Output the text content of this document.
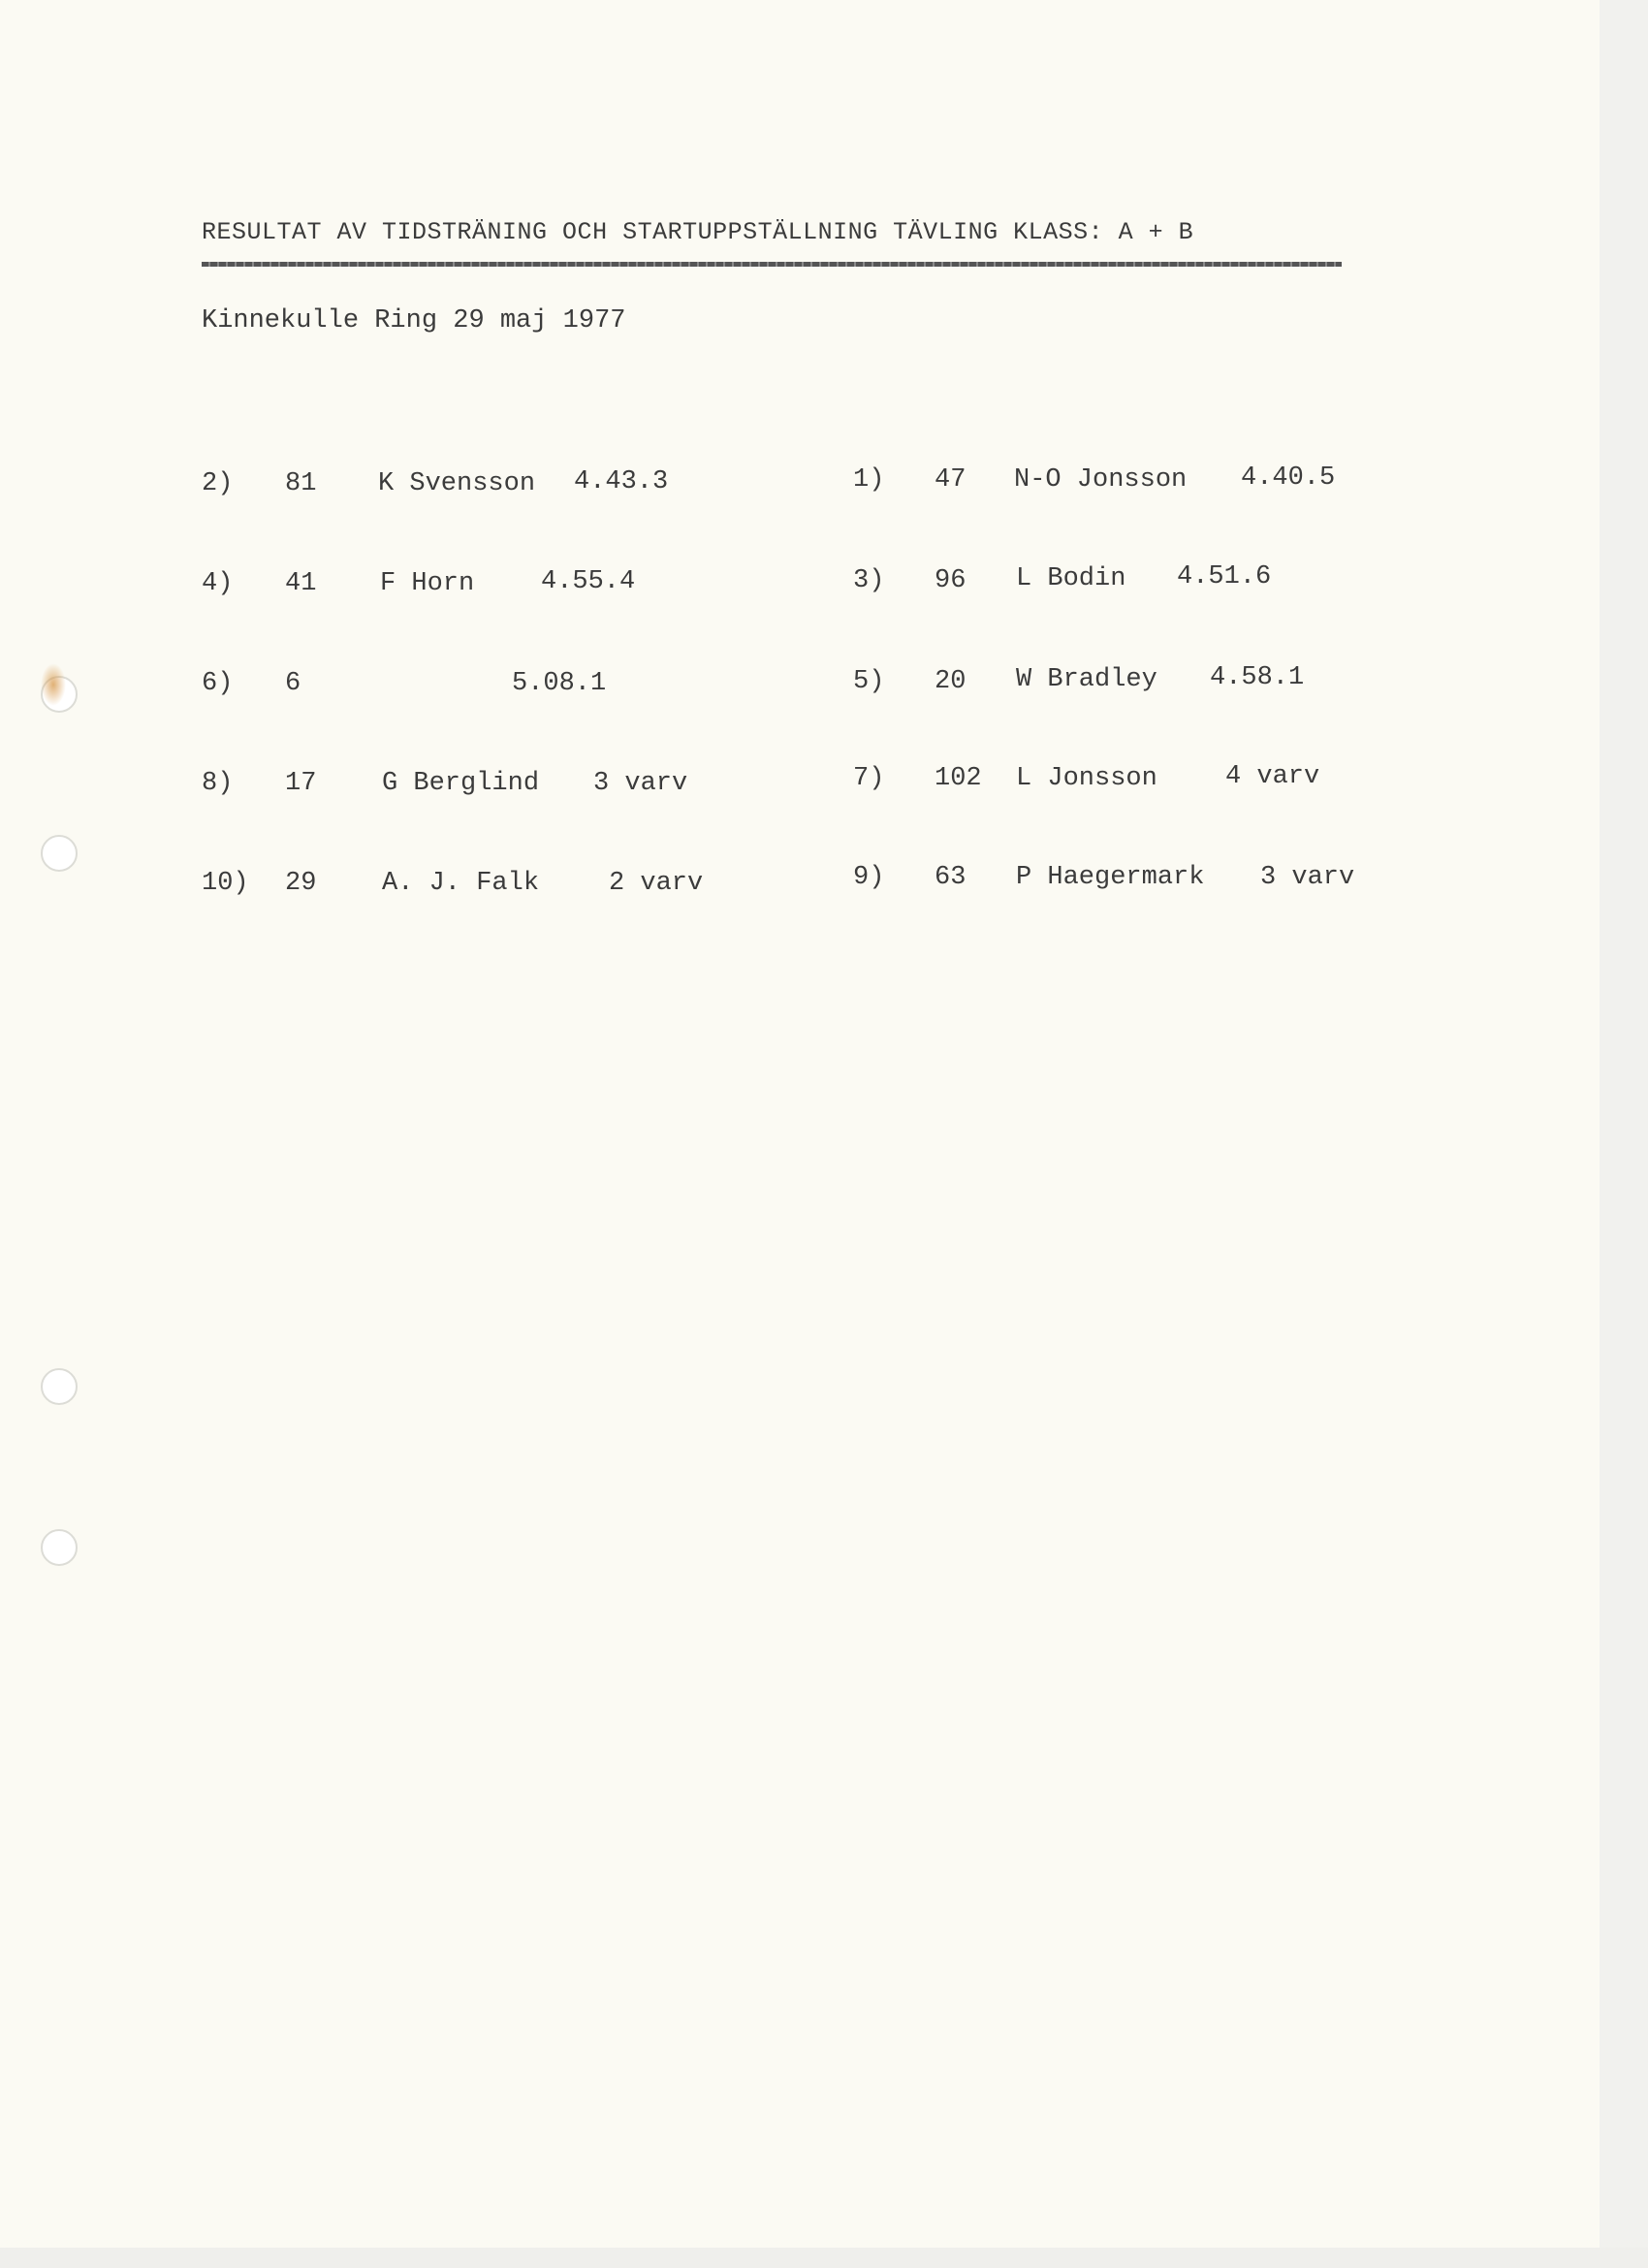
RESULTAT AV TIDSTRÄNING OCH STARTUPPSTÄLLNING TÄVLING KLASS: A + B
Kinnekulle Ring 29 maj 1977
2) 81 K Svensson 4.43.3
4) 41 F Horn	4.55.4
6) 6	5.08.1
8) 17	G Berglind 3 varv
10) 29	A. J. Falk	2 varv
1) 47 N-O Jonsson 4.40.5
3) 96 L Bodin 4.51.6
5) 20 W Bradley 4.58.1
7) 102 L Jonsson	4 varv
9) 63 P Haegermark 3 varv
